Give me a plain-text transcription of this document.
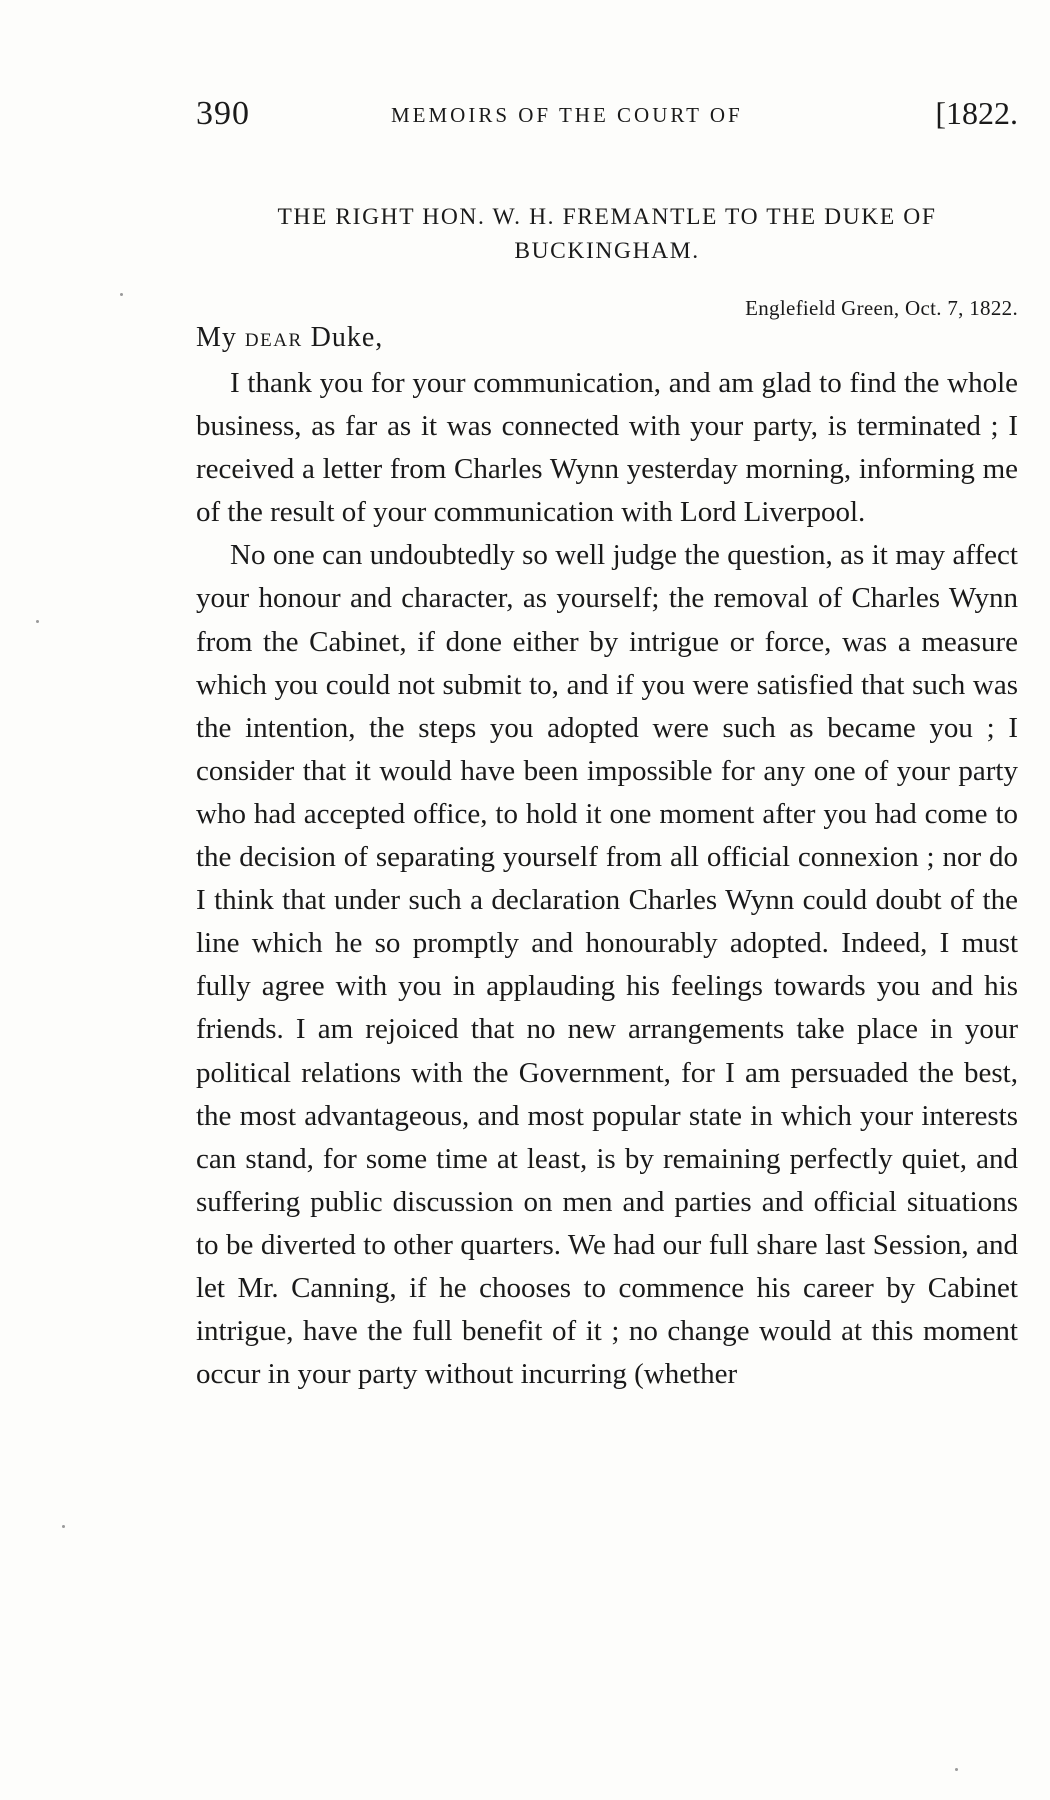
390	MEMOIRS OF THE COURT OF	[1822.
THE RIGHT HON. W. H. FREMANTLE TO THE DUKE OF BUCKINGHAM.
Englefield Green, Oct. 7, 1822.
My DEAR Duke,

I thank you for your communication, and am glad to find the whole business, as far as it was connected with your party, is terminated ; I received a letter from Charles Wynn yesterday morning, informing me of the result of your communication with Lord Liverpool.

No one can undoubtedly so well judge the question, as it may affect your honour and character, as yourself; the removal of Charles Wynn from the Cabinet, if done either by intrigue or force, was a measure which you could not submit to, and if you were satisfied that such was the intention, the steps you adopted were such as became you ; I consider that it would have been impossible for any one of your party who had accepted office, to hold it one moment after you had come to the decision of separating yourself from all official connexion ; nor do I think that under such a declaration Charles Wynn could doubt of the line which he so promptly and honourably adopted. Indeed, I must fully agree with you in applauding his feelings towards you and his friends. I am rejoiced that no new arrangements take place in your political relations with the Government, for I am persuaded the best, the most advantageous, and most popular state in which your interests can stand, for some time at least, is by remaining perfectly quiet, and suffering public discussion on men and parties and official situations to be diverted to other quarters. We had our full share last Session, and let Mr. Canning, if he chooses to commence his career by Cabinet intrigue, have the full benefit of it ; no change would at this moment occur in your party without incurring (whether
